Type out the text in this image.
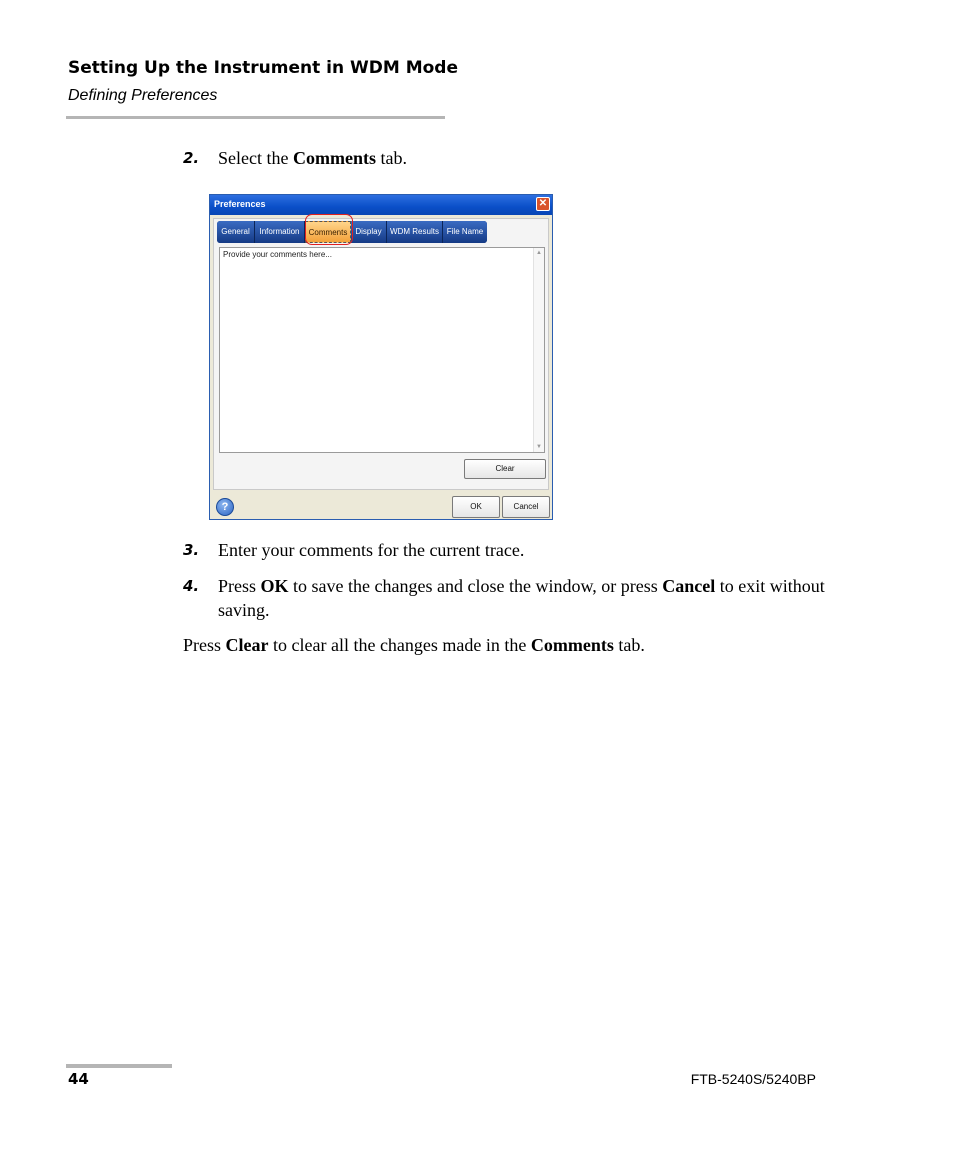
Setting Up the Instrument in WDM Mode
Defining Preferences
2. Select the Comments tab.
Preferences	✕
General	Information	Comments	Display	WDM Results File Name
Provide your comments here...	▲
▼
Clear
?	OK	Cancel
3. Enter your comments for the current trace.
4. Press OK to save the changes and close the window, or press Cancel to exit without saving.
Press Clear to clear all the changes made in the Comments tab.
44	FTB-5240S/5240BP
